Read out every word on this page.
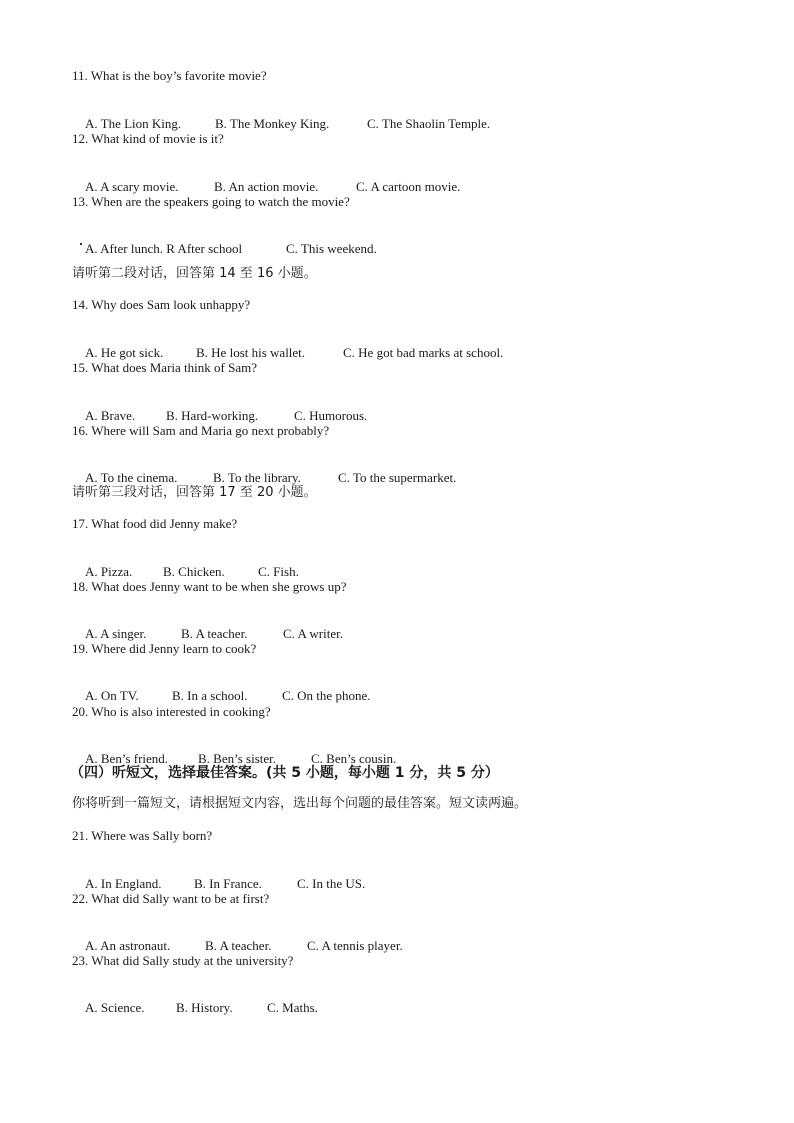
11. What is the boy’s favorite movie?

A. The Lion King.	B. The Monkey King.	C. The Shaolin Temple.

12. What kind of movie is it?

A. A scary movie.	B. An action movie.	C. A cartoon movie.

13. When are the speakers going to watch the movie?

A. After lunch. R After school	C. This weekend.

请听第二段对话，回答第 14 至 16 小题。
14. Why does Sam look unhappy?

A. He got sick.	B. He lost his wallet.	C. He got bad marks at school.

15. What does Maria think of Sam?

A. Brave. B. Hard-working.	C. Humorous.

16. Where will Sam and Maria go next probably?

A. To the cinema.	B. To the library.	C. To the supermarket.

请听第三段对话，回答第 17 至 20 小题。
17. What food did Jenny make?

A. Pizza. B. Chicken.	C. Fish.

18. What does Jenny want to be when she grows up?

A. A singer.	B. A teacher.	C. A writer.

19. Where did Jenny learn to cook?

A. On TV.	B. In a school.	C. On the phone.

20. Who is also interested in cooking?

A. Ben’s friend. B. Ben’s sister.	C. Ben’s cousin.

（四）听短文，选择最佳答案。(共 5 小题，每小题 1 分，共 5 分）
你将听到一篇短文，请根据短文内容，选出每个问题的最佳答案。短文读两遍。
21. Where was Sally born?

A. In England. B. In France.	C. In the US.

22. What did Sally want to be at first?

A. An astronaut.	B. A teacher.	C. A tennis player.

23. What did Sally study at the university?

A. Science. B. History.	C. Maths.
